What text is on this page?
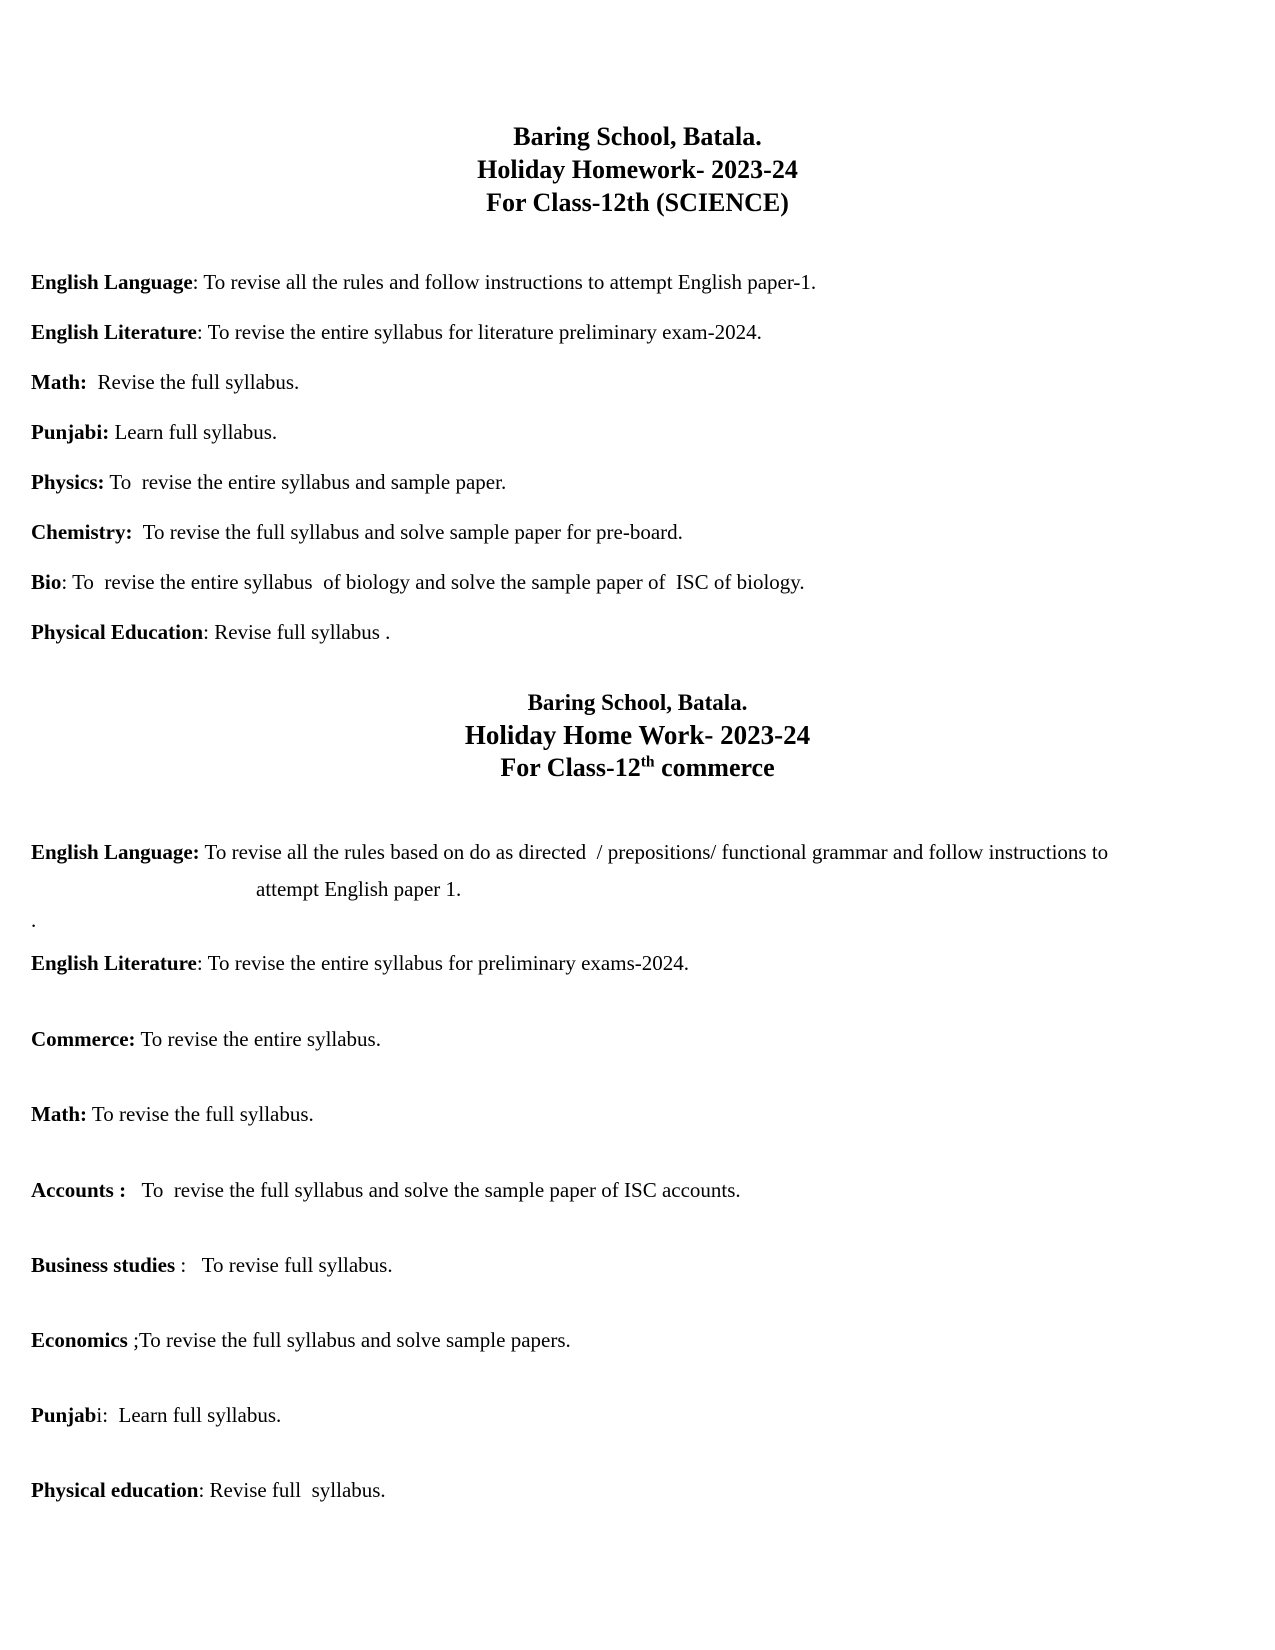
Baring School, Batala.
Holiday Homework- 2023-24
For Class-12th (SCIENCE)
English Language: To revise all the rules and follow instructions to attempt English paper-1.
English Literature: To revise the entire syllabus for literature preliminary exam-2024.
Math: Revise the full syllabus.
Punjabi: Learn full syllabus.
Physics: To  revise the entire syllabus and sample paper.
Chemistry: To revise the full syllabus and solve sample paper for pre-board.
Bio: To  revise the entire syllabus  of biology and solve the sample paper of  ISC of biology.
Physical Education: Revise full syllabus .
Baring School, Batala.
Holiday Home Work- 2023-24
For Class-12th commerce
English Language: To revise all the rules based on do as directed  / prepositions/ functional grammar and follow instructions to
attempt English paper 1.
.
English Literature: To revise the entire syllabus for preliminary exams-2024.
Commerce: To revise the entire syllabus.
Math: To revise the full syllabus.
Accounts : To  revise the full syllabus and solve the sample paper of ISC accounts.
Business studies :   To revise full syllabus.
Economics ;To revise the full syllabus and solve sample papers.
Punjabi:  Learn full syllabus.
Physical education: Revise full  syllabus.
